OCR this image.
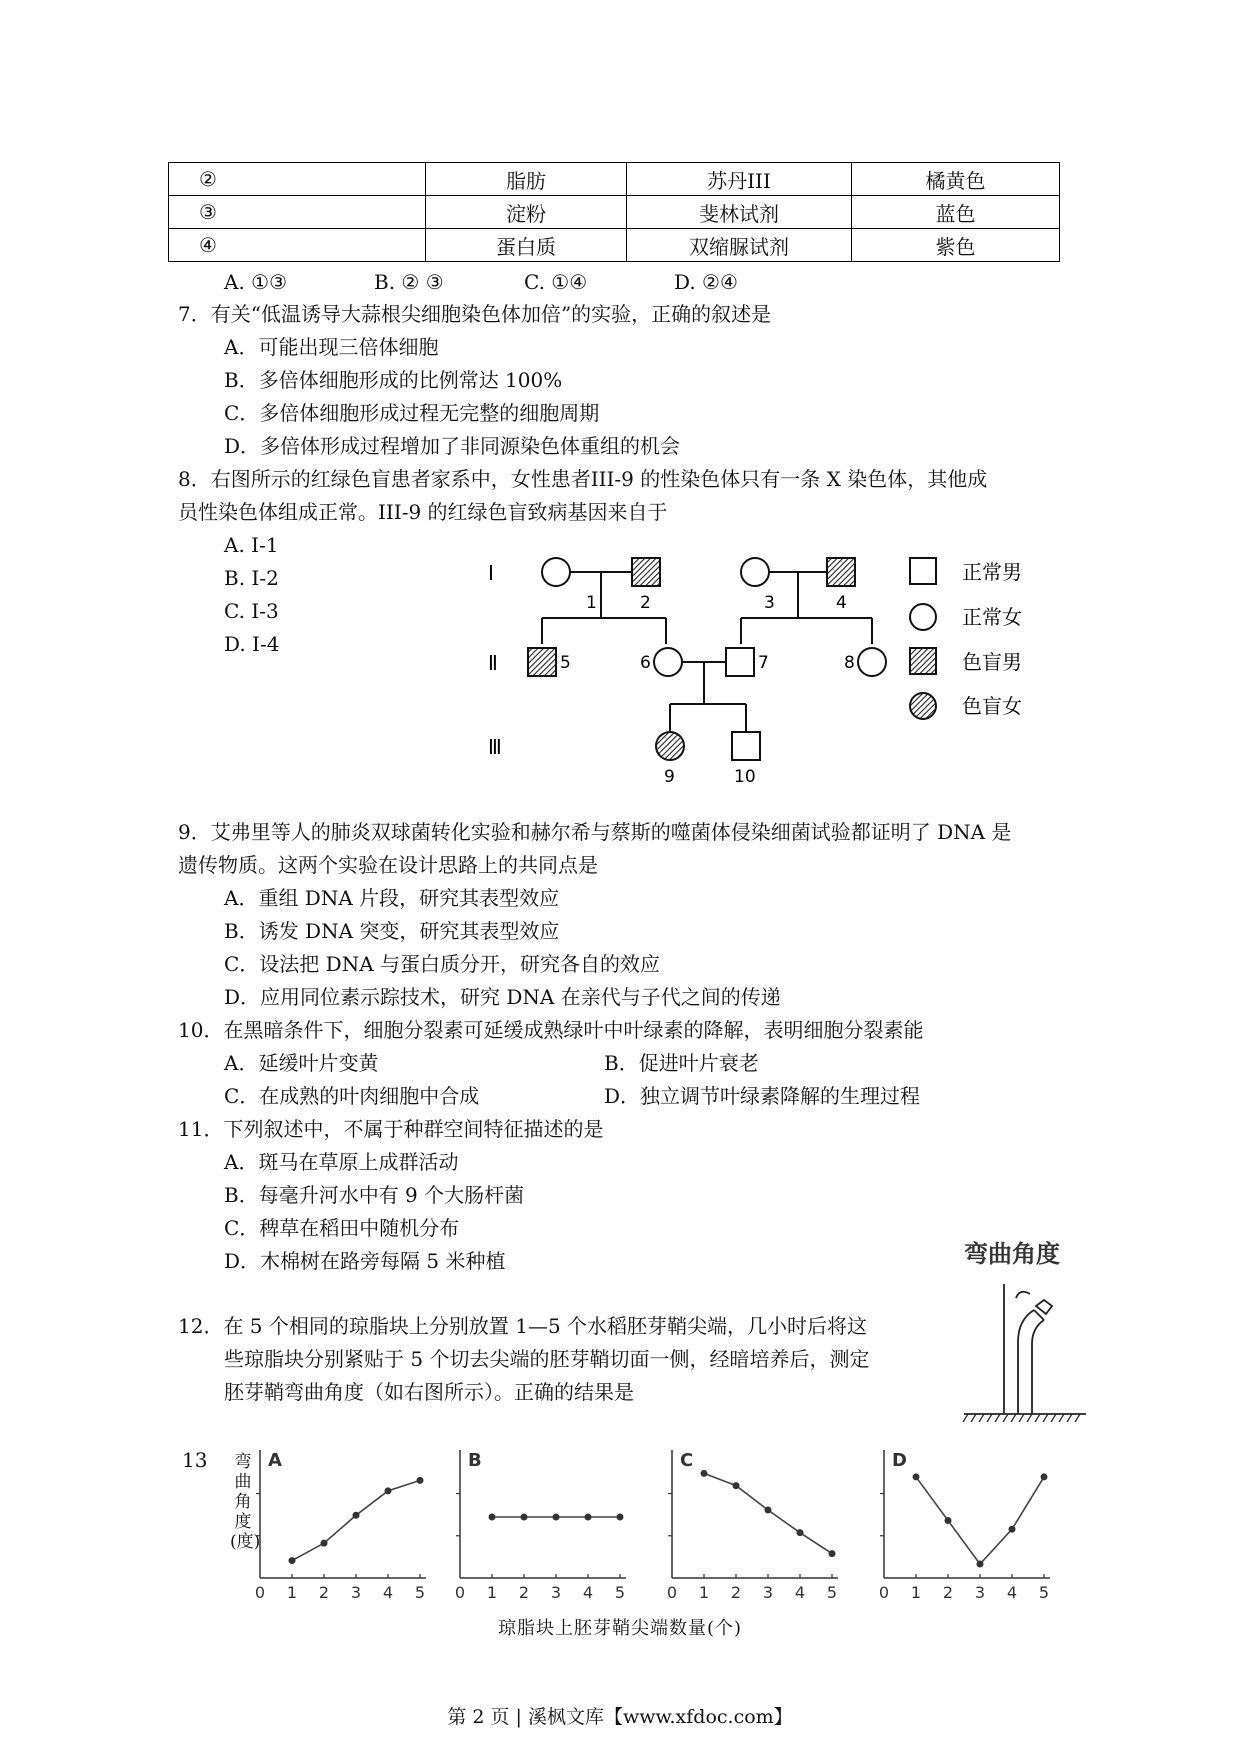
②	脂肪	苏丹III	橘黄色
③	淀粉	斐林试剂	蓝色
④	蛋白质	双缩脲试剂	紫色
A. ①③	B. ② ③	C. ①④	D. ②④
7．有关“低温诱导大蒜根尖细胞染色体加倍”的实验，正确的叙述是
A．可能出现三倍体细胞
B．多倍体细胞形成的比例常达 100%
C．多倍体细胞形成过程无完整的细胞周期
D．多倍体形成过程增加了非同源染色体重组的机会
8．右图所示的红绿色盲患者家系中，女性患者III-9 的性染色体只有一条 X 染色体，其他成
员性染色体组成正常。III-9 的红绿色盲致病基因来自于
A. Ⅰ-1
B. Ⅰ-2
C. Ⅰ-3
D. Ⅰ-4
Ⅰ
Ⅱ
Ⅲ
1	2	3	4
5	6	7	8
9	10
正常男
正常女
色盲男
色盲女
9．艾弗里等人的肺炎双球菌转化实验和赫尔希与蔡斯的噬菌体侵染细菌试验都证明了 DNA 是
遗传物质。这两个实验在设计思路上的共同点是
A．重组 DNA 片段，研究其表型效应
B．诱发 DNA 突变，研究其表型效应
C．设法把 DNA 与蛋白质分开，研究各自的效应
D．应用同位素示踪技术，研究 DNA 在亲代与子代之间的传递
10．在黑暗条件下，细胞分裂素可延缓成熟绿叶中叶绿素的降解，表明细胞分裂素能
A．延缓叶片变黄	B．促进叶片衰老
C．在成熟的叶肉细胞中合成	D．独立调节叶绿素降解的生理过程
11．下列叙述中，不属于种群空间特征描述的是
A．斑马在草原上成群活动
B．每毫升河水中有 9 个大肠杆菌
C．稗草在稻田中随机分布
D．木棉树在路旁每隔 5 米种植
12．在 5 个相同的琼脂块上分别放置 1—5 个水稻胚芽鞘尖端，几小时后将这
些琼脂块分别紧贴于 5 个切去尖端的胚芽鞘切面一侧，经暗培养后，测定
胚芽鞘弯曲角度（如右图所示）。正确的结果是
弯曲角度
13 弯曲角度(度)
0 1 2 3 4 5
A
0 1 2 3 4 5
B
0 1 2 3 4 5
C
0 1 2 3 4 5
D
琼脂块上胚芽鞘尖端数量(个)
第 2 页 | 溪枫文库【www.xfdoc.com】
